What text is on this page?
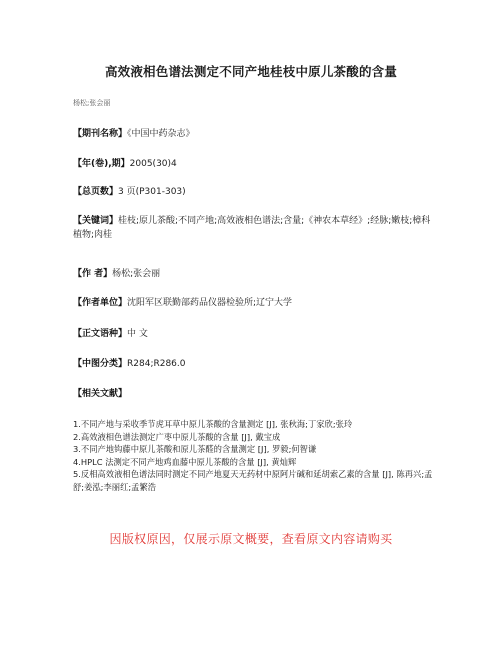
高效液相色谱法测定不同产地桂枝中原儿茶酸的含量
杨松;张会丽
【期刊名称】《中国中药杂志》
【年(卷),期】2005(30)4
【总页数】3 页(P301-303)
【关键词】桂枝;原儿茶酸;不同产地;高效液相色谱法;含量;《神农本草经》;经脉;嫩枝;樟科植物;肉桂
【作 者】杨松;张会丽
【作者单位】沈阳军区联勤部药品仪器检验所;辽宁大学
【正文语种】中 文
【中图分类】R284;R286.0
【相关文献】

1.不同产地与采收季节虎耳草中原儿茶酸的含量测定 [J], 张秋海;丁家欣;张玲

2.高效液相色谱法测定广枣中原儿茶酸的含量 [J], 戴宝成

3.不同产地钩藤中原儿茶酸和原儿茶醛的含量测定 [J], 罗毅;何智谦

4.HPLC 法测定不同产地鸡血藤中原儿茶酸的含量 [J], 黄灿辉

5.反相高效液相色谱法同时测定不同产地夏天无药材中原阿片碱和延胡索乙素的含量 [J], 陈再兴;孟舒;姜泓;李丽红;孟繁浩

因版权原因，仅展示原文概要，查看原文内容请购买
